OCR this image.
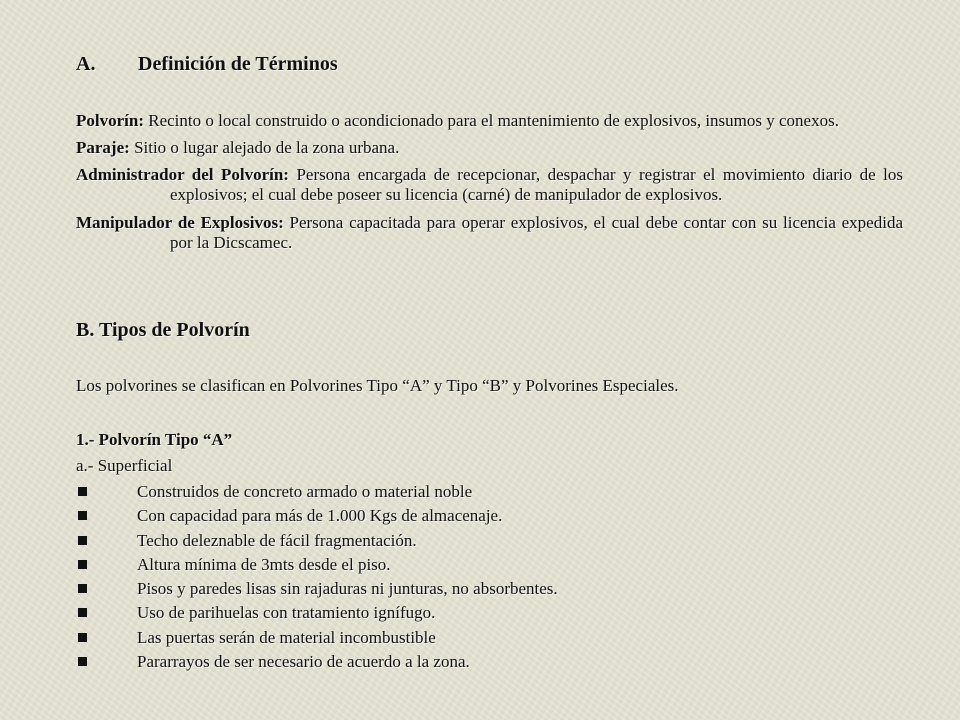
A. Definición de Términos

Polvorín: Recinto o local construido o acondicionado para el mantenimiento de explosivos, insumos y conexos.

Paraje: Sitio o lugar alejado de la zona urbana.

Administrador del Polvorín: Persona encargada de recepcionar, despachar y registrar el movimiento diario de los explosivos; el cual debe poseer su licencia (carné) de manipulador de explosivos.

Manipulador de Explosivos: Persona capacitada para operar explosivos, el cual debe contar con su licencia expedida por la Dicscamec.

B. Tipos de Polvorín

Los polvorines se clasifican en Polvorines Tipo “A” y Tipo “B” y Polvorines Especiales.

1.- Polvorín Tipo “A”

a.- Superficial

Construidos de concreto armado o material noble
Con capacidad para más de 1.000 Kgs de almacenaje.
Techo deleznable de fácil fragmentación.
Altura mínima de 3mts desde el piso.
Pisos y paredes lisas sin rajaduras ni junturas, no absorbentes.
Uso de parihuelas con tratamiento ignífugo.
Las puertas serán de material incombustible
Pararrayos de ser necesario de acuerdo a la zona.
